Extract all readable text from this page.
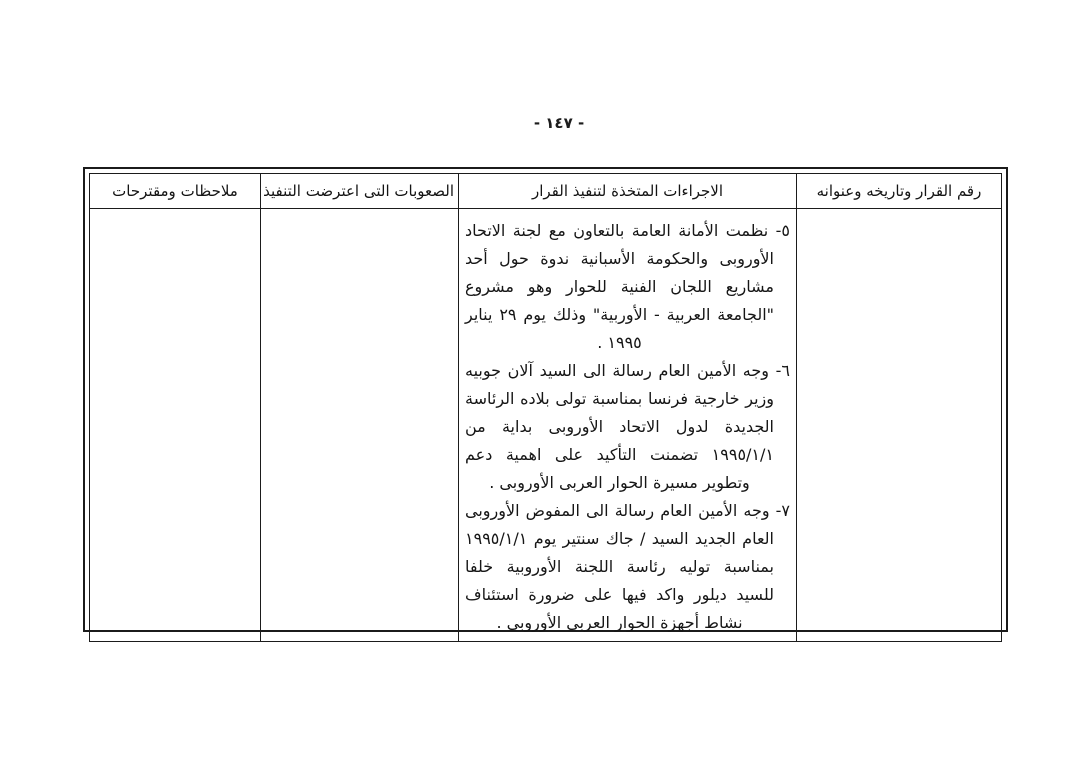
- ١٤٧ -
رقم القرار وتاريخه وعنوانه	الاجراءات المتخذة لتنفيذ القرار	الصعوبات التى اعترضت التنفيذ	ملاحظات ومقترحات

	٥- نظمت الأمانة العامة بالتعاون مع لجنة الاتحاد الأوروبى والحكومة الأسبانية ندوة حول أحد مشاريع اللجان الفنية للحوار وهو مشروع "الجامعة العربية - الأوربية" وذلك يوم ٢٩ يناير ١٩٩٥ .

٦- وجه الأمين العام رسالة الى السيد آلان جوبيه وزير خارجية فرنسا بمناسبة تولى بلاده الرئاسة الجديدة لدول الاتحاد الأوروبى بداية من ١٩٩٥/١/١ تضمنت التأكيد على اهمية دعم وتطوير مسيرة الحوار العربى الأوروبى .

٧- وجه الأمين العام رسالة الى المفوض الأوروبى العام الجديد السيد / جاك سنتير يوم ١٩٩٥/١/١ بمناسبة توليه رئاسة اللجنة الأوروبية خلفا للسيد ديلور واكد فيها على ضرورة استئناف نشاط أجهزة الحوار العربى الأوروبى .		
